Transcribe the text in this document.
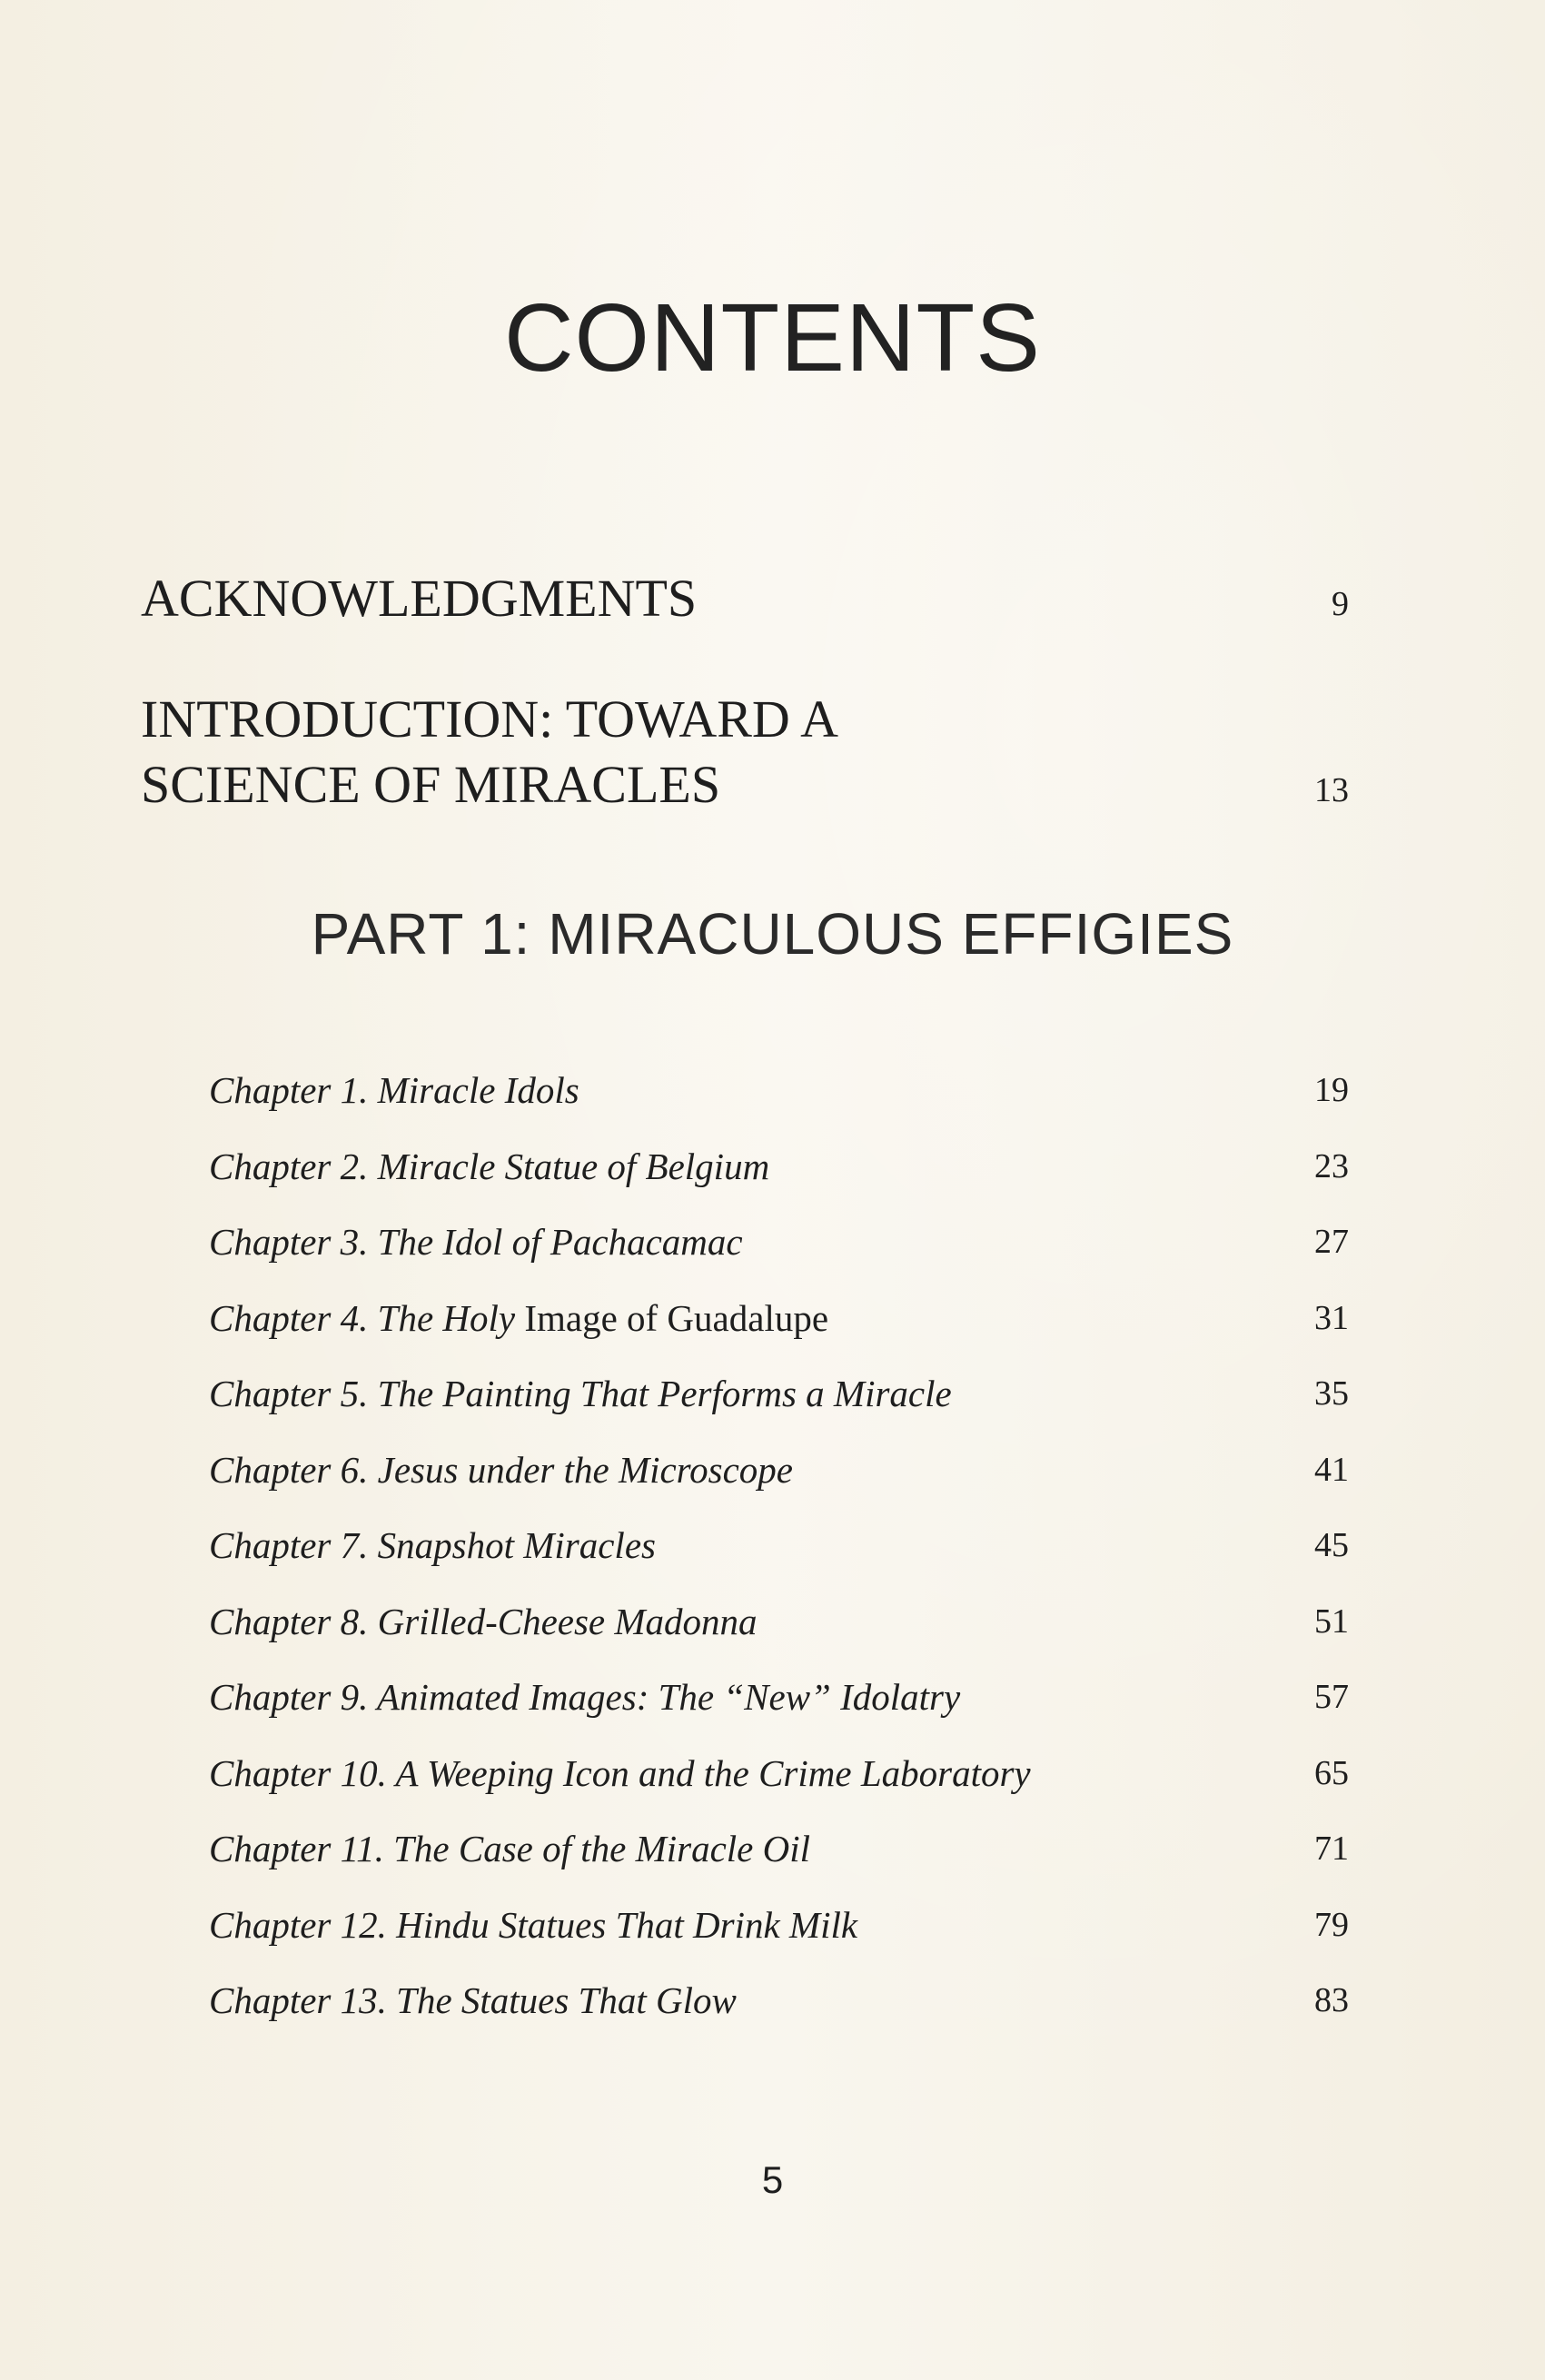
CONTENTS
ACKNOWLEDGMENTS	9
INTRODUCTION: TOWARD A
SCIENCE OF MIRACLES	13
PART 1: MIRACULOUS EFFIGIES
Chapter 1. Miracle Idols	19
Chapter 2. Miracle Statue of Belgium	23
Chapter 3. The Idol of Pachacamac	27
Chapter 4. The Holy Image of Guadalupe	31
Chapter 5. The Painting That Performs a Miracle	35
Chapter 6. Jesus under the Microscope	41
Chapter 7. Snapshot Miracles	45
Chapter 8. Grilled-Cheese Madonna	51
Chapter 9. Animated Images: The “New” Idolatry	57
Chapter 10. A Weeping Icon and the Crime Laboratory	65
Chapter 11. The Case of the Miracle Oil	71
Chapter 12. Hindu Statues That Drink Milk	79
Chapter 13. The Statues That Glow	83
5
